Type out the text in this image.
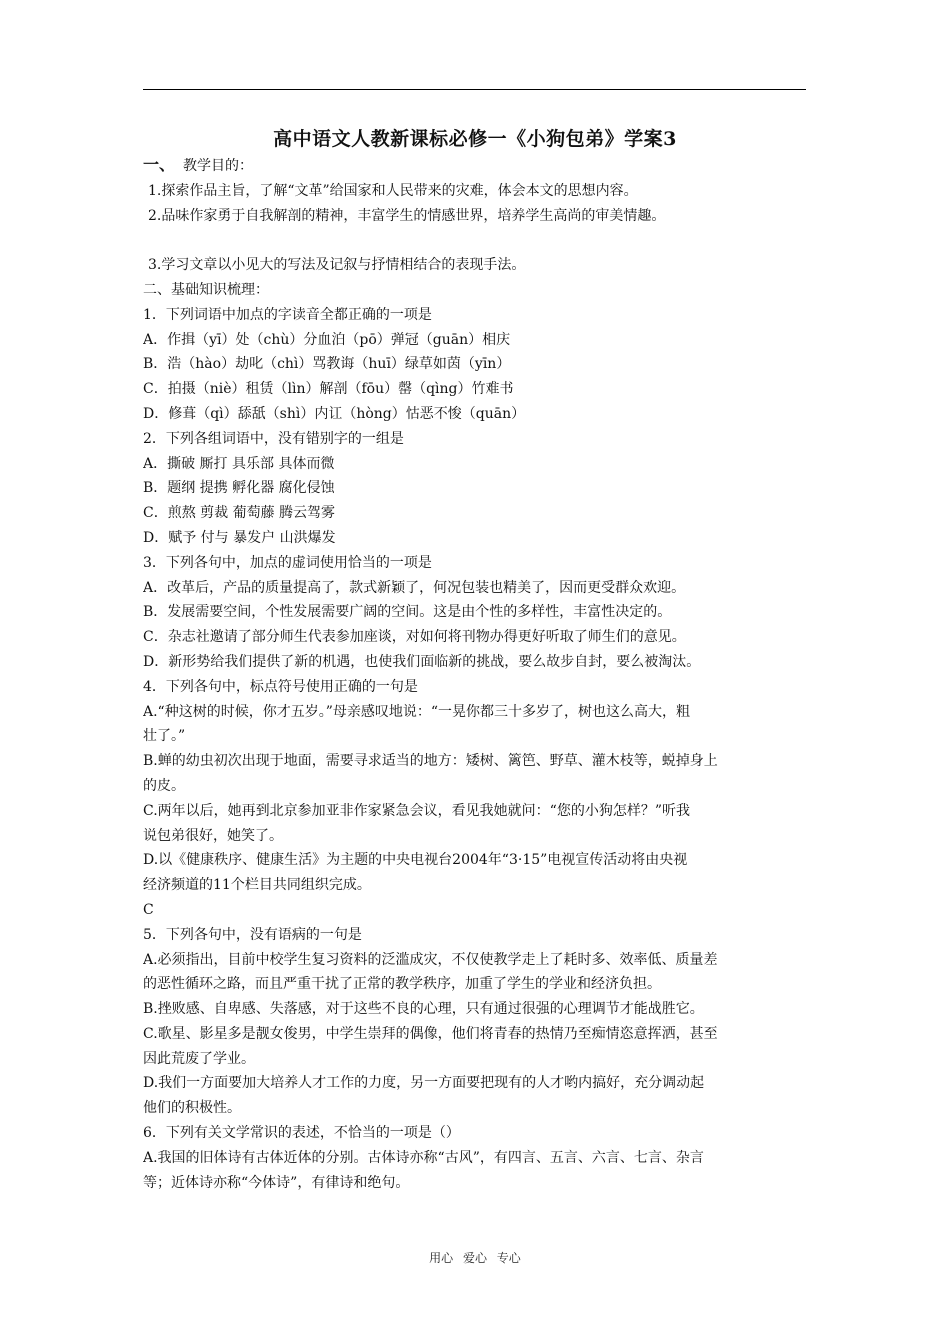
高中语文人教新课标必修一《小狗包弟》学案3
一、 教学目的：
1.探索作品主旨，了解“文革”给国家和人民带来的灾难，体会本文的思想内容。
2.品味作家勇于自我解剖的精神，丰富学生的情感世界，培养学生高尚的审美情趣。
3.学习文章以小见大的写法及记叙与抒情相结合的表现手法。
二、基础知识梳理：
1．下列词语中加点的字读音全都正确的一项是
A．作揖（yī）处（chù）分血泊（pō）弹冠（guān）相庆
B．浩（hào）劫叱（chì）骂教诲（huī）绿草如茵（yīn）
C．拍摄（niè）租赁（lìn）解剖（fōu）罄（qìng）竹难书
D．修葺（qì）舔舐（shì）内讧（hòng）怙恶不悛（quān）
2．下列各组词语中，没有错别字的一组是
A．撕破 厮打 具乐部 具体而微
B．题纲 提携 孵化器 腐化侵蚀
C．煎熬 剪裁 葡萄藤 腾云驾雾
D．赋予 付与 暴发户 山洪爆发
3．下列各句中，加点的虚词使用恰当的一项是
A．改革后，产品的质量提高了，款式新颖了，何况包装也精美了，因而更受群众欢迎。
B．发展需要空间，个性发展需要广阔的空间。这是由个性的多样性，丰富性决定的。
C．杂志社邀请了部分师生代表参加座谈，对如何将刊物办得更好听取了师生们的意见。
D．新形势给我们提供了新的机遇，也使我们面临新的挑战，要么故步自封，要么被淘汰。
4．下列各句中，标点符号使用正确的一句是
A.“种这树的时候，你才五岁。”母亲感叹地说：“一晃你都三十多岁了，树也这么高大，粗
壮了。”
B.蝉的幼虫初次出现于地面，需要寻求适当的地方：矮树、篱笆、野草、灌木枝等，蜕掉身上
的皮。
C.两年以后，她再到北京参加亚非作家紧急会议，看见我她就问：“您的小狗怎样？”听我
说包弟很好，她笑了。
D.以《健康秩序、健康生活》为主题的中央电视台2004年“3·15”电视宣传活动将由央视
经济频道的11个栏目共同组织完成。
C
5．下列各句中，没有语病的一句是
A.必须指出，目前中校学生复习资料的泛滥成灾，不仅使教学走上了耗时多、效率低、质量差
的恶性循环之路，而且严重干扰了正常的教学秩序，加重了学生的学业和经济负担。
B.挫败感、自卑感、失落感，对于这些不良的心理，只有通过很强的心理调节才能战胜它。
C.歌星、影星多是靓女俊男，中学生崇拜的偶像，他们将青春的热情乃至痴情恣意挥洒，甚至
因此荒废了学业。
D.我们一方面要加大培养人才工作的力度，另一方面要把现有的人才哟内搞好，充分调动起
他们的积极性。
6．下列有关文学常识的表述，不恰当的一项是（）
A.我国的旧体诗有古体近体的分别。古体诗亦称“古风”，有四言、五言、六言、七言、杂言
等；近体诗亦称“今体诗”，有律诗和绝句。
用心 爱心 专心
